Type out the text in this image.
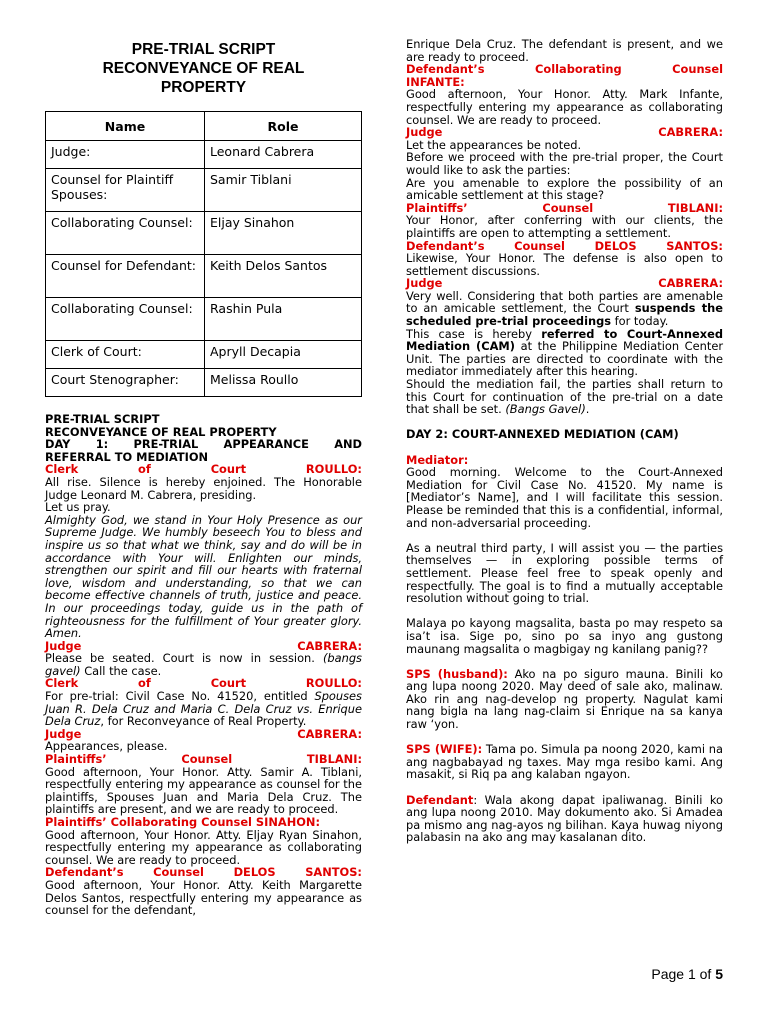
PRE-TRIAL SCRIPT
RECONVEYANCE OF REAL
PROPERTY
Name	Role
Judge:	Leonard Cabrera
Counsel for Plaintiff Spouses:	Samir Tiblani
Collaborating Counsel:	Eljay Sinahon
Counsel for Defendant:	Keith Delos Santos
Collaborating Counsel:	Rashin Pula
Clerk of Court:	Apryll Decapia
Court Stenographer:	Melissa Roullo

PRE-TRIAL SCRIPT

RECONVEYANCE OF REAL PROPERTY

DAY 1: PRE-TRIAL APPEARANCE AND

REFERRAL TO MEDIATION

Clerk	of	Court	ROULLO:

All rise. Silence is hereby enjoined. The Honorable Judge Leonard M. Cabrera, presiding.

Let us pray.

Almighty God, we stand in Your Holy Presence as our Supreme Judge. We humbly beseech You to bless and inspire us so that what we think, say and do will be in accordance with Your will. Enlighten our minds, strengthen our spirit and fill our hearts with fraternal love, wisdom and understanding, so that we can become effective channels of truth, justice and peace. In our proceedings today, guide us in the path of righteousness for the fulfillment of Your greater glory. Amen.

Judge	CABRERA:

Please be seated. Court is now in session. (bangs gavel) Call the case.

Clerk	of	Court	ROULLO:

For pre-trial: Civil Case No. 41520, entitled Spouses Juan R. Dela Cruz and Maria C. Dela Cruz vs. Enrique Dela Cruz, for Reconveyance of Real Property.

Judge	CABRERA:

Appearances, please.

Plaintiffs’	Counsel	TIBLANI:

Good afternoon, Your Honor. Atty. Samir A. Tiblani, respectfully entering my appearance as counsel for the plaintiffs, Spouses Juan and Maria Dela Cruz. The plaintiffs are present, and we are ready to proceed.

Plaintiffs’ Collaborating Counsel SINAHON:

Good afternoon, Your Honor. Atty. Eljay Ryan Sinahon, respectfully entering my appearance as collaborating counsel. We are ready to proceed.

Defendant’s	Counsel	DELOS	SANTOS:

Good afternoon, Your Honor. Atty. Keith Margarette Delos Santos, respectfully entering my appearance as counsel for the defendant,

Enrique Dela Cruz. The defendant is present, and we are ready to proceed.

Defendant’s	Collaborating	Counsel

INFANTE:

Good afternoon, Your Honor. Atty. Mark Infante, respectfully entering my appearance as collaborating counsel. We are ready to proceed.

Judge	CABRERA:

Let the appearances be noted.

Before we proceed with the pre-trial proper, the Court would like to ask the parties:

Are you amenable to explore the possibility of an amicable settlement at this stage?

Plaintiffs’	Counsel	TIBLANI:

Your Honor, after conferring with our clients, the plaintiffs are open to attempting a settlement.

Defendant’s	Counsel	DELOS	SANTOS:

Likewise, Your Honor. The defense is also open to settlement discussions.

Judge	CABRERA:

Very well. Considering that both parties are amenable to an amicable settlement, the Court suspends the scheduled pre-trial proceedings for today.

This case is hereby referred to Court-Annexed Mediation (CAM) at the Philippine Mediation Center Unit. The parties are directed to coordinate with the mediator immediately after this hearing.

Should the mediation fail, the parties shall return to this Court for continuation of the pre-trial on a date that shall be set. (Bangs Gavel).

DAY 2: COURT-ANNEXED MEDIATION (CAM)

Mediator:

Good morning. Welcome to the Court-Annexed Mediation for Civil Case No. 41520. My name is [Mediator’s Name], and I will facilitate this session. Please be reminded that this is a confidential, informal, and non-adversarial proceeding.

As a neutral third party, I will assist you — the parties themselves — in exploring possible terms of settlement. Please feel free to speak openly and respectfully. The goal is to find a mutually acceptable resolution without going to trial.

Malaya po kayong magsalita, basta po may respeto sa isa’t isa. Sige po, sino po sa inyo ang gustong maunang magsalita o magbigay ng kanilang panig??

SPS (husband): Ako na po siguro mauna. Binili ko ang lupa noong 2020. May deed of sale ako, malinaw. Ako rin ang nag-develop ng property. Nagulat kami nang bigla na lang nag-claim si Enrique na sa kanya raw ‘yon.

SPS (WIFE): Tama po. Simula pa noong 2020, kami na ang nagbabayad ng taxes. May mga resibo kami. Ang masakit, si Riq pa ang kalaban ngayon.

Defendant: Wala akong dapat ipaliwanag. Binili ko ang lupa noong 2010. May dokumento ako. Si Amadea pa mismo ang nag-ayos ng bilihan. Kaya huwag niyong palabasin na ako ang may kasalanan dito.

Page 1 of 5
